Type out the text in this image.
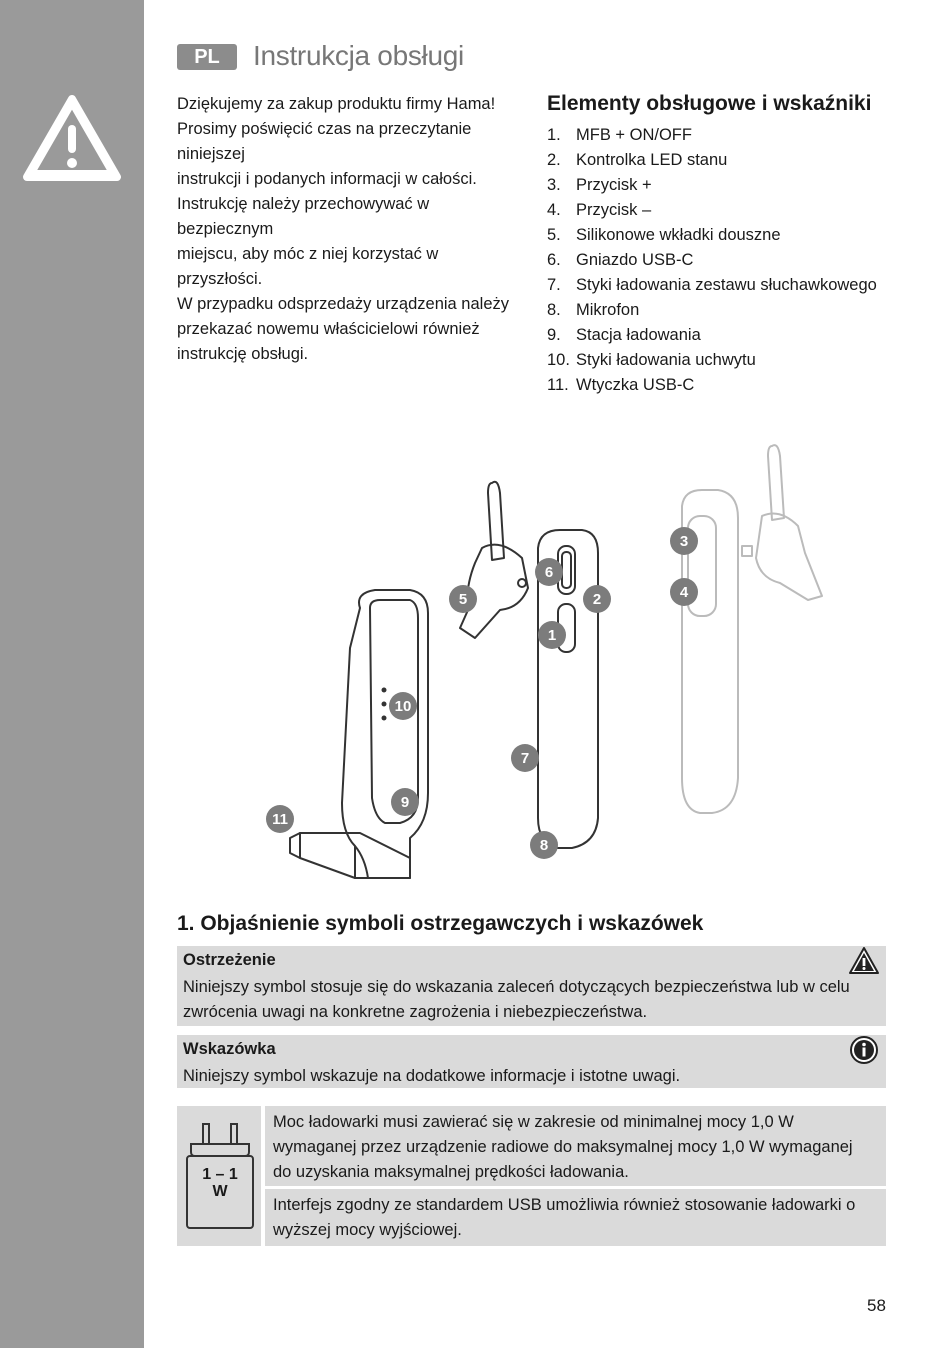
PL	Instrukcja obsługi

Dziękujemy za zakup produktu firmy Hama!

Prosimy poświęcić czas na przeczytanie niniejszej

instrukcji i podanych informacji w całości.

Instrukcję należy przechowywać w bezpiecznym

miejscu, aby móc z niej korzystać w przyszłości.

W przypadku odsprzedaży urządzenia należy

przekazać nowemu właścicielowi również

instrukcję obsługi.

Elementy obsługowe i wskaźniki
1. MFB + ON/OFF
2. Kontrolka LED stanu
3. Przycisk +
4. Przycisk –
5. Silikonowe wkładki douszne
6. Gniazdo USB-C
7. Styki ładowania zestawu słuchawkowego
8. Mikrofon
9. Stacja ładowania
10. Styki ładowania uchwytu
11. Wtyczka USB-C
1
2
3
4
5
6
7
8
9
10
11
1. Objaśnienie symboli ostrzegawczych i wskazówek
Ostrzeżenie
Niniejszy symbol stosuje się do wskazania zaleceń dotyczących bezpieczeństwa lub w celu zwrócenia uwagi na konkretne zagrożenia i niebezpieczeństwa.
Wskazówka
Niniejszy symbol wskazuje na dodatkowe informacje i istotne uwagi.
1 – 1
W
Moc ładowarki musi zawierać się w zakresie od minimalnej mocy 1,0 W wymaganej przez urządzenie radiowe do maksymalnej mocy 1,0 W wymaganej do uzyskania maksymalnej prędkości ładowania.
Interfejs zgodny ze standardem USB umożliwia również stosowanie ładowarki o wyższej mocy wyjściowej.
58
